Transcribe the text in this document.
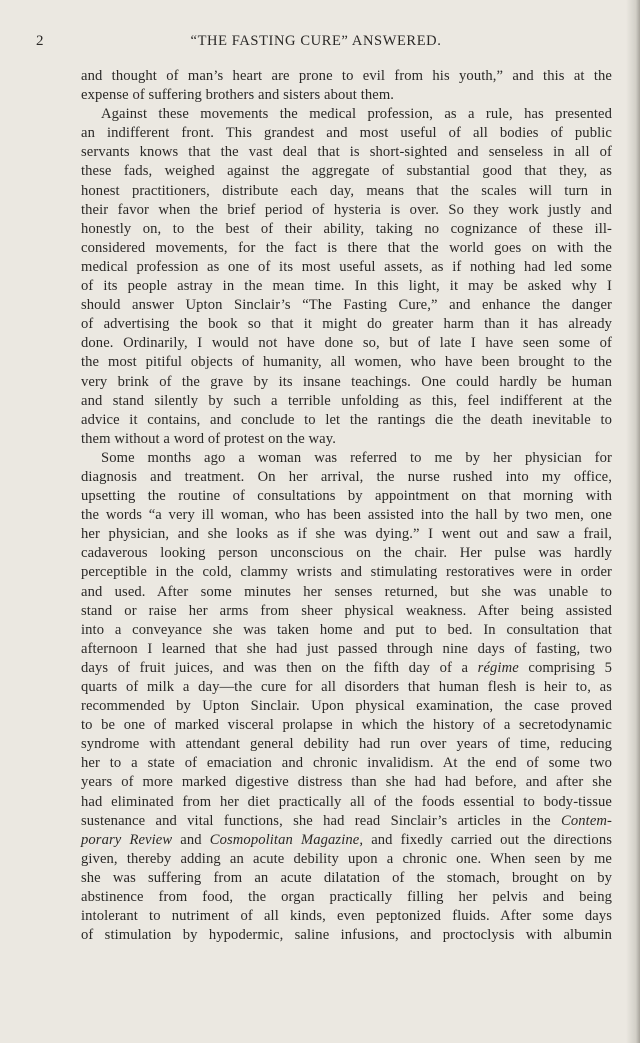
2	“THE FASTING CURE” ANSWERED.
and thought of man’s heart are prone to evil from his youth,” and this at the
expense of suffering brothers and sisters about them.
Against these movements the medical profession, as a rule, has presented
an indifferent front. This grandest and most useful of all bodies of public
servants knows that the vast deal that is short-sighted and senseless in all of
these fads, weighed against the aggregate of substantial good that they, as
honest practitioners, distribute each day, means that the scales will turn in
their favor when the brief period of hysteria is over. So they work justly and
honestly on, to the best of their ability, taking no cognizance of these ill-
considered movements, for the fact is there that the world goes on with the
medical profession as one of its most useful assets, as if nothing had led some
of its people astray in the mean time. In this light, it may be asked why I
should answer Upton Sinclair’s “The Fasting Cure,” and enhance the danger
of advertising the book so that it might do greater harm than it has already
done. Ordinarily, I would not have done so, but of late I have seen some of
the most pitiful objects of humanity, all women, who have been brought to the
very brink of the grave by its insane teachings. One could hardly be human
and stand silently by such a terrible unfolding as this, feel indifferent at the
advice it contains, and conclude to let the rantings die the death inevitable to
them without a word of protest on the way.
Some months ago a woman was referred to me by her physician for
diagnosis and treatment. On her arrival, the nurse rushed into my office,
upsetting the routine of consultations by appointment on that morning with
the words “a very ill woman, who has been assisted into the hall by two men, one
her physician, and she looks as if she was dying.” I went out and saw a frail,
cadaverous looking person unconscious on the chair. Her pulse was hardly
perceptible in the cold, clammy wrists and stimulating restoratives were in order
and used. After some minutes her senses returned, but she was unable to
stand or raise her arms from sheer physical weakness. After being assisted
into a conveyance she was taken home and put to bed. In consultation that
afternoon I learned that she had just passed through nine days of fasting, two
days of fruit juices, and was then on the fifth day of a régime comprising 5
quarts of milk a day—the cure for all disorders that human flesh is heir to, as
recommended by Upton Sinclair. Upon physical examination, the case proved
to be one of marked visceral prolapse in which the history of a secretodynamic
syndrome with attendant general debility had run over years of time, reducing
her to a state of emaciation and chronic invalidism. At the end of some two
years of more marked digestive distress than she had had before, and after she
had eliminated from her diet practically all of the foods essential to body-tissue
sustenance and vital functions, she had read Sinclair’s articles in the Contem-
porary Review and Cosmopolitan Magazine, and fixedly carried out the directions
given, thereby adding an acute debility upon a chronic one. When seen by me
she was suffering from an acute dilatation of the stomach, brought on by
abstinence from food, the organ practically filling her pelvis and being
intolerant to nutriment of all kinds, even peptonized fluids. After some days
of stimulation by hypodermic, saline infusions, and proctoclysis with albumin
